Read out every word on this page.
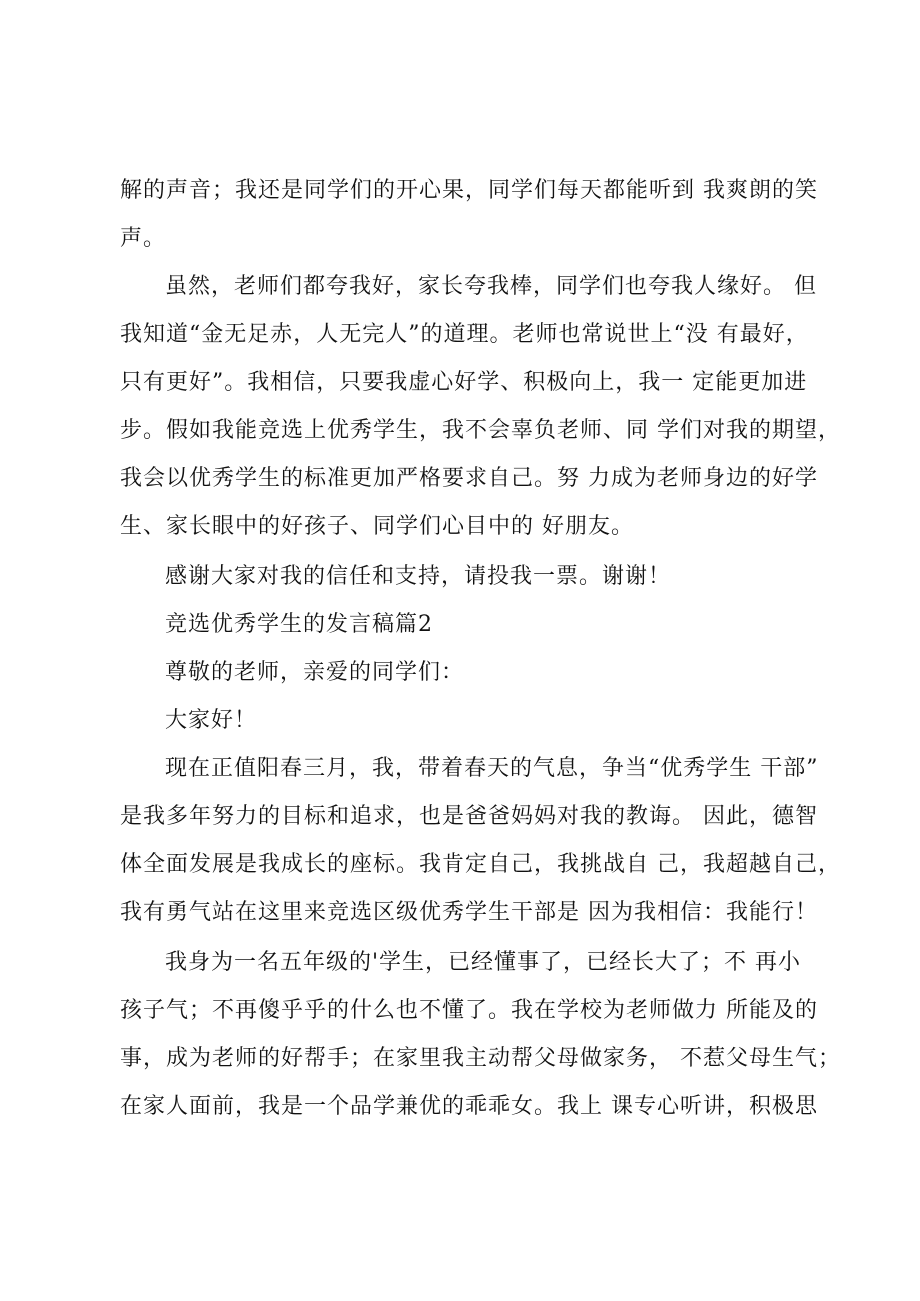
解的声音；我还是同学们的开心果，同学们每天都能听到 我爽朗的笑
声。
虽然，老师们都夸我好，家长夸我棒，同学们也夸我人缘好。 但
我知道“金无足赤，人无完人”的道理。老师也常说世上“没 有最好，
只有更好”。我相信，只要我虚心好学、积极向上，我一 定能更加进
步。假如我能竞选上优秀学生，我不会辜负老师、同 学们对我的期望，
我会以优秀学生的标准更加严格要求自己。努 力成为老师身边的好学
生、家长眼中的好孩子、同学们心目中的 好朋友。
感谢大家对我的信任和支持，请投我一票。谢谢！
竞选优秀学生的发言稿篇2
尊敬的老师，亲爱的同学们：
大家好！
现在正值阳春三月，我，带着春天的气息，争当“优秀学生 干部”
是我多年努力的目标和追求，也是爸爸妈妈对我的教诲。 因此，德智
体全面发展是我成长的座标。我肯定自己，我挑战自 己，我超越自己，
我有勇气站在这里来竞选区级优秀学生干部是 因为我相信：我能行！
我身为一名五年级的'学生，已经懂事了，已经长大了；不 再小
孩子气；不再傻乎乎的什么也不懂了。我在学校为老师做力 所能及的
事，成为老师的好帮手；在家里我主动帮父母做家务， 不惹父母生气；
在家人面前，我是一个品学兼优的乖乖女。我上 课专心听讲，积极思
